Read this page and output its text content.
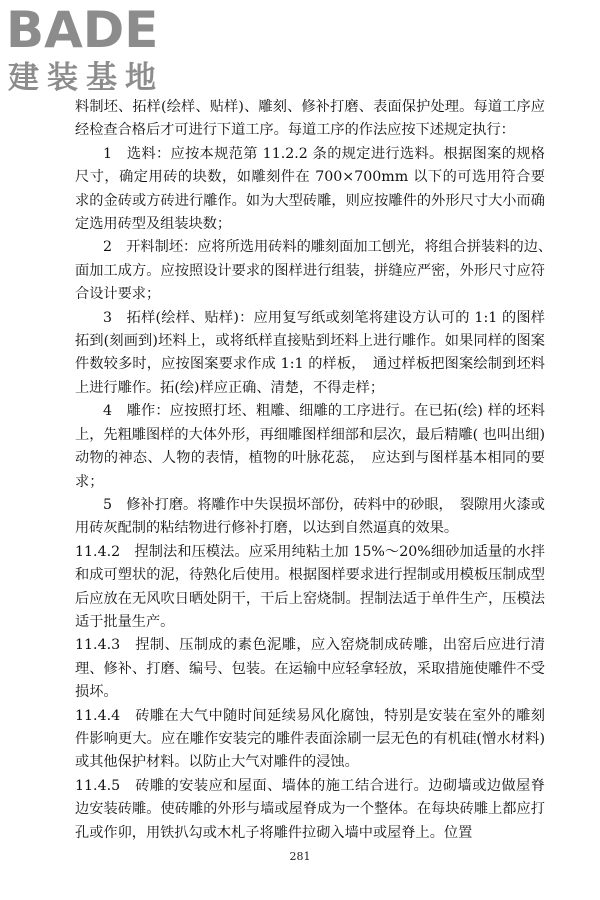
BADE
建装基地

料制坯、拓样(绘样、贴样)、雕刻、修补打磨、表面保护处理。每道工序应经检查合格后才可进行下道工序。每道工序的作法应按下述规定执行：

1　选料：应按本规范第 11.2.2 条的规定进行选料。根据图案的规格尺寸，确定用砖的块数，如雕刻件在 700×700mm 以下的可选用符合要求的金砖或方砖进行雕作。如为大型砖雕，则应按雕件的外形尺寸大小而确定选用砖型及组装块数；

2　开料制坯：应将所选用砖料的雕刻面加工刨光，将组合拼装料的边、　面加工成方。应按照设计要求的图样进行组装，拼缝应严密，外形尺寸应符合设计要求；

3　拓样(绘样、贴样)：应用复写纸或刻笔将建设方认可的 1:1 的图样拓到(刻画到)坯料上，或将纸样直接贴到坯料上进行雕作。如果同样的图案件数较多时，应按图案要求作成 1:1 的样板，　通过样板把图案绘制到坯料上进行雕作。拓(绘)样应正确、清楚，不得走样；

4　雕作：应按照打坯、粗雕、细雕的工序进行。在已拓(绘) 样的坯料上，先粗雕图样的大体外形，再细雕图样细部和层次，最后精雕( 也叫出细)动物的神态、人物的表情，植物的叶脉花蕊，　应达到与图样基本相同的要求；

5　修补打磨。将雕作中失误损坏部份，砖料中的砂眼，　裂隙用火漆或用砖灰配制的粘结物进行修补打磨，以达到自然逼真的效果。

11.4.2　捏制法和压模法。应采用纯粘土加 15%～20%细砂加适量的水拌和成可塑状的泥，待熟化后使用。根据图样要求进行捏制或用模板压制成型后应放在无风吹日晒处阴干，干后上窑烧制。捏制法适于单件生产，压模法适于批量生产。

11.4.3　捏制、压制成的素色泥雕，应入窑烧制成砖雕，出窑后应进行清理、修补、打磨、编号、包装。在运输中应轻拿轻放，采取措施使雕件不受损坏。

11.4.4　砖雕在大气中随时间延续易风化腐蚀，特别是安装在室外的雕刻件影响更大。应在雕作安装完的雕件表面涂刷一层无色的有机硅(憎水材料)或其他保护材料。以防止大气对雕件的浸蚀。

11.4.5　砖雕的安装应和屋面、墙体的施工结合进行。边砌墙或边做屋脊边安装砖雕。使砖雕的外形与墙或屋脊成为一个整体。在每块砖雕上都应打孔或作卯，用铁扒勾或木札子将雕件拉砌入墙中或屋脊上。位置

281
